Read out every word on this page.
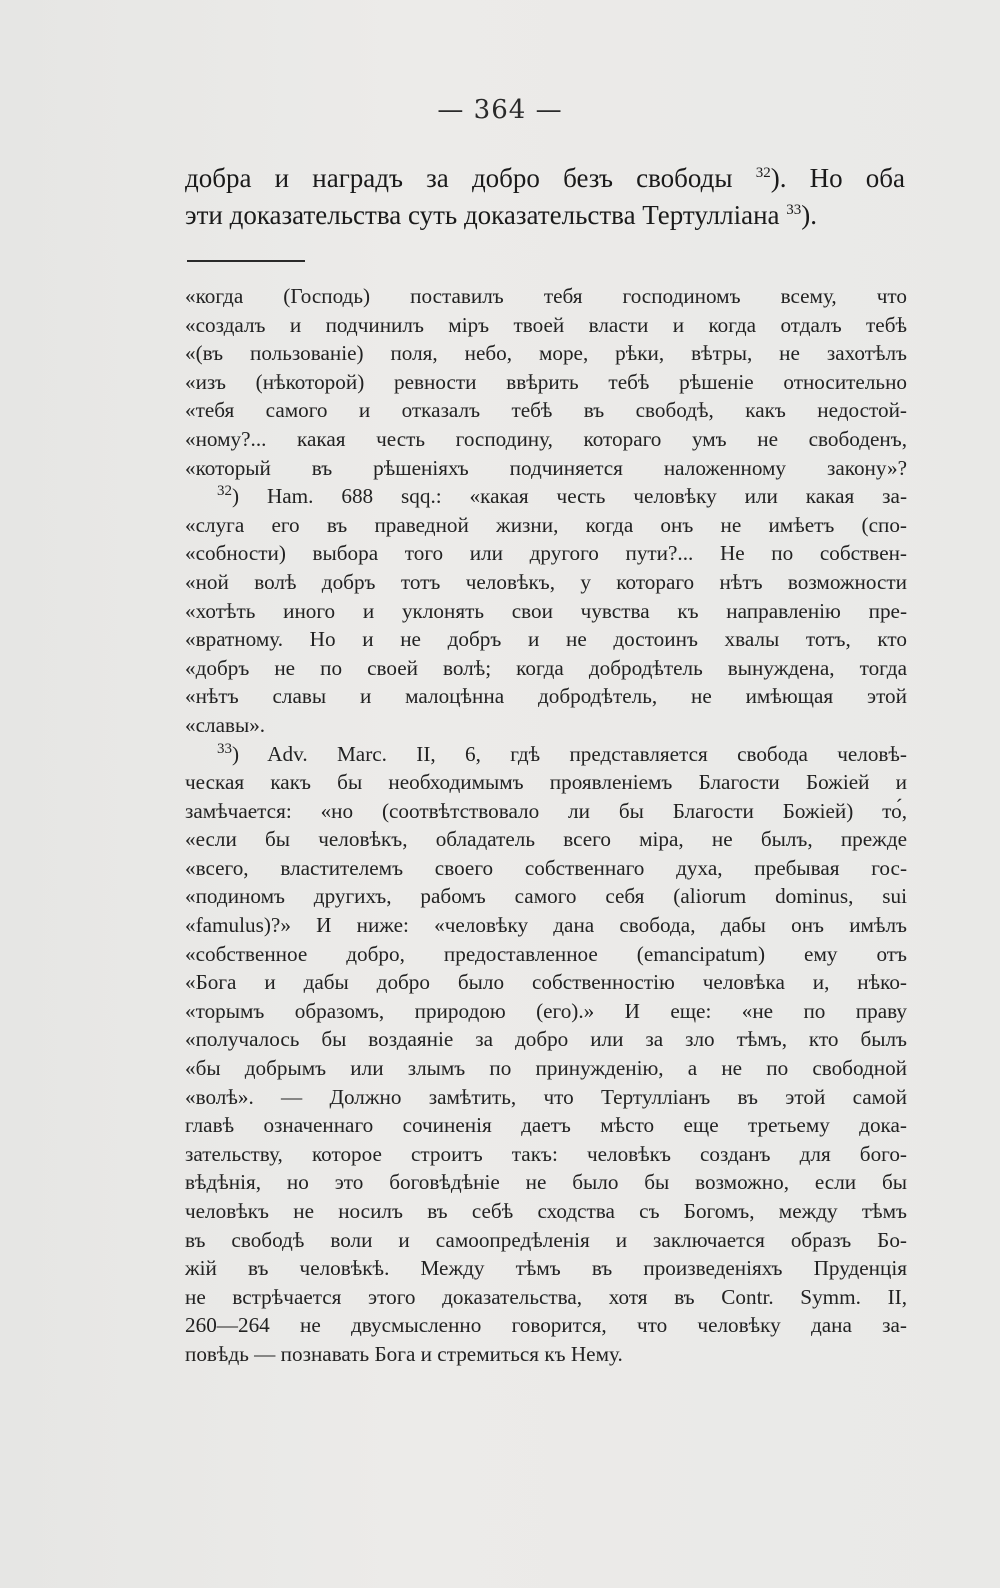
— 364 —
добра и наградъ за добро безъ свободы $^{32}$). Но оба
эти доказательства суть доказательства Тертулліана $^{33}$).
«когда (Господь) поставилъ тебя господиномъ всему, что
«создалъ и подчинилъ міръ твоей власти и когда отдалъ тебѣ
«(въ пользованіе) поля, небо, море, рѣки, вѣтры, не захотѣлъ
«изъ (нѣкоторой) ревности ввѣрить тебѣ рѣшеніе относительно
«тебя самого и отказалъ тебѣ въ свободѣ, какъ недостой-
«ному?... какая честь господину, котораго умъ не свободенъ,
«который въ рѣшеніяхъ подчиняется наложенному закону»?
$^{32}$) Ham. 688 sqq.: «какая честь человѣку или какая за-
«слуга его въ праведной жизни, когда онъ не имѣетъ (спо-
«собности) выбора того или другого пути?... Не по собствен-
«ной волѣ добръ тотъ человѣкъ, у котораго нѣтъ возможности
«хотѣть иного и уклонять свои чувства къ направленію пре-
«вратному. Но и не добръ и не достоинъ хвалы тотъ, кто
«добръ не по своей волѣ; когда добродѣтель вынуждена, тогда
«нѣтъ славы и малоцѣнна добродѣтель, не имѣющая этой
«славы».
$^{33}$) Adv. Marc. II, 6, гдѣ представляется свобода человѣ-
ческая какъ бы необходимымъ проявленіемъ Благости Божіей и
замѣчается: «но (соотвѣтствовало ли бы Благости Божіей) то́,
«если бы человѣкъ, обладатель всего міра, не былъ, прежде
«всего, властителемъ своего собственнаго духа, пребывая гос-
«подиномъ другихъ, рабомъ самого себя (aliorum dominus, sui
«famulus)?» И ниже: «человѣку дана свобода, дабы онъ имѣлъ
«собственное добро, предоставленное (emancipatum) ему отъ
«Бога и дабы добро было собственностію человѣка и, нѣко-
«торымъ образомъ, природою (его).» И еще: «не по праву
«получалось бы воздаяніе за добро или за зло тѣмъ, кто былъ
«бы добрымъ или злымъ по принужденію, а не по свободной
«волѣ». — Должно замѣтить, что Тертулліанъ въ этой самой
главѣ означеннаго сочиненія даетъ мѣсто еще третьему дока-
зательству, которое строитъ такъ: человѣкъ созданъ для бого-
вѣдѣнія, но это боговѣдѣніе не было бы возможно, если бы
человѣкъ не носилъ въ себѣ сходства съ Богомъ, между тѣмъ
въ свободѣ воли и самоопредѣленія и заключается образъ Бо-
жій въ человѣкѣ. Между тѣмъ въ произведеніяхъ Пруденція
не встрѣчается этого доказательства, хотя въ Contr. Symm. II,
260—264 не двусмысленно говорится, что человѣку дана за-
повѣдь — познавать Бога и стремиться къ Нему.
